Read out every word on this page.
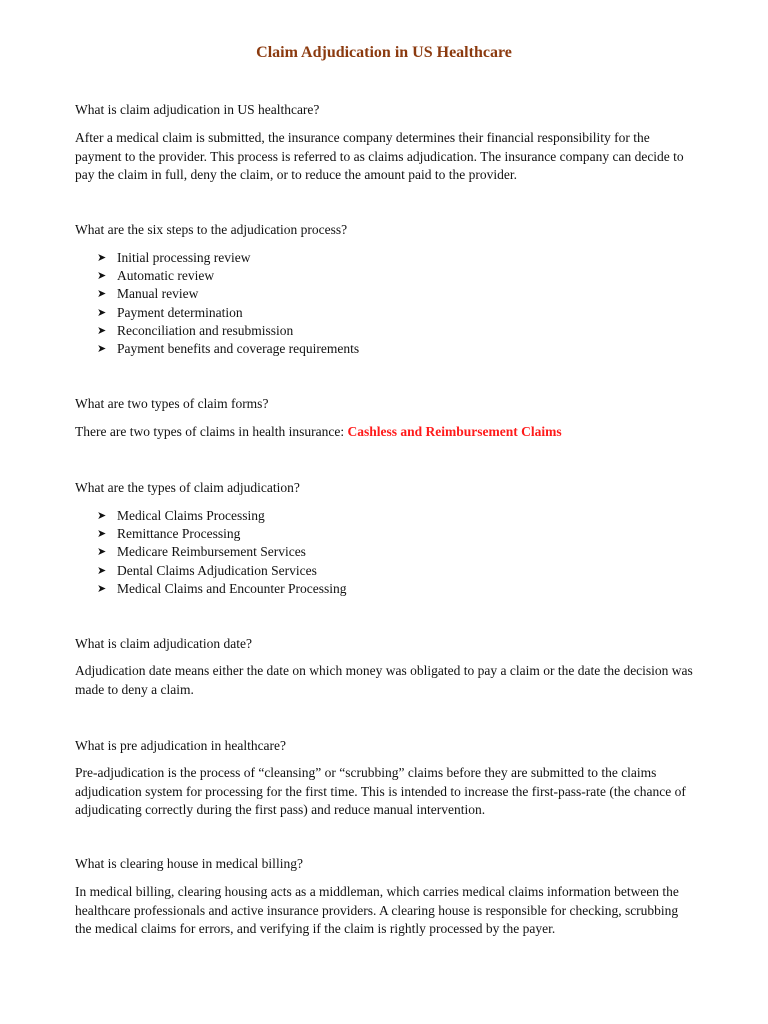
Claim Adjudication in US Healthcare

What is claim adjudication in US healthcare?

After a medical claim is submitted, the insurance company determines their financial responsibility for the payment to the provider. This process is referred to as claims adjudication. The insurance company can decide to pay the claim in full, deny the claim, or to reduce the amount paid to the provider.

What are the six steps to the adjudication process?

➤ Initial processing review
➤ Automatic review
➤ Manual review
➤ Payment determination
➤ Reconciliation and resubmission
➤ Payment benefits and coverage requirements

What are two types of claim forms?

There are two types of claims in health insurance: Cashless and Reimbursement Claims

What are the types of claim adjudication?

➤ Medical Claims Processing
➤ Remittance Processing
➤ Medicare Reimbursement Services
➤ Dental Claims Adjudication Services
➤ Medical Claims and Encounter Processing

What is claim adjudication date?

Adjudication date means either the date on which money was obligated to pay a claim or the date the decision was made to deny a claim.

What is pre adjudication in healthcare?

Pre-adjudication is the process of “cleansing” or “scrubbing” claims before they are submitted to the claims adjudication system for processing for the first time. This is intended to increase the first-pass-rate (the chance of adjudicating correctly during the first pass) and reduce manual intervention.

What is clearing house in medical billing?

In medical billing, clearing housing acts as a middleman, which carries medical claims information between the healthcare professionals and active insurance providers. A clearing house is responsible for checking, scrubbing the medical claims for errors, and verifying if the claim is rightly processed by the payer.
